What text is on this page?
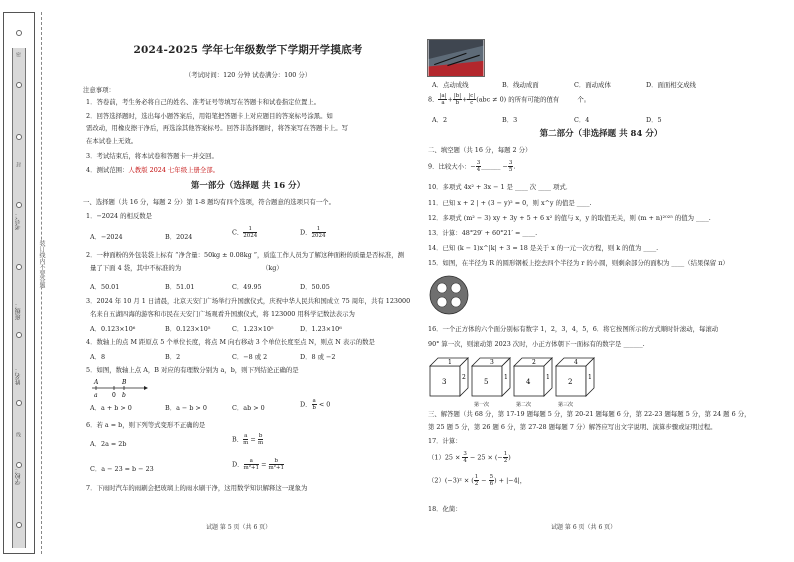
学校：
姓名：
班级：
考号：
密
封
线
装订线内不要答题
2024-2025 学年七年级数学下学期开学摸底考
（考试时间：120 分钟 试卷满分：100 分）
注意事项：
1．答卷前，考生务必将自己的姓名、准考证号等填写在答题卡和试卷指定位置上。
2．回答选择题时，选出每小题答案后，用铅笔把答题卡上对应题目的答案标号涂黑。如
需改动，用橡皮擦干净后，再选涂其他答案标号。回答非选择题时，将答案写在答题卡上。写
在本试卷上无效。
3．考试结束后，将本试卷和答题卡一并交回。
4．测试范围：人教版 2024 七年级上册全部。
第一部分（选择题 共 16 分）
一、选择题（共 16 分，每题 2 分）第 1-8 题均有四个选项，符合题意的选项只有一个。
1．−2024 的相反数是
A．−2024	B．2024
C． $\frac{1}{2024}$	D． $\frac{1}{2024}$
2．一种面粉的外包装袋上标有 “净含量：50kg ± 0.08kg ”，质监工作人员为了解这种面粉的质量是否标准，测
量了下面 4 袋，其中不标准的为	（kg）
A．50.01	B．51.01	C．49.95	D．50.05
3．2024 年 10 月 1 日清晨，北京天安门广场举行升国旗仪式，庆祝中华人民共和国成立 75 周年，共有 123000
名来自五湖四海的游客和市民在天安门广场观看升国旗仪式，将 123000 用科学记数法表示为
A．0.123×10⁶	B．0.123×10⁵	C．1.23×10⁵	D．1.23×10⁶
4．数轴上的点 M 距原点 5 个单位长度，将点 M 向右移动 3 个单位长度至点 N，则点 N 表示的数是
A．8	B．2	C．−8 或 2	D．8 或 −2
5．如图，数轴上点 A，B 对应的有理数分别为 a，b，则下列结论正确的是
A	B
a 0 b
A．a + b > 0	B．a − b > 0	C．ab > 0	D． $\frac{a}{b} < 0$
6．若 a = b，则下列等式变形不正确的是
A．2a = 2b
B． $\frac{a}{m} = \frac{b}{m}$
C．a − 23 = b − 23
D． $\frac{a}{\text{m²+1}} = \frac{b}{\text{m²+1}}$
7．下雨时汽车的雨刷会把玻璃上的雨水刷干净，这用数学知识解释这一现象为
试题 第 5 页（共 6 页）
A．点动成线	B．线动成面	C．面动成体	D．面面相交成线
8． $\frac{|a|}{a} + \frac{|b|}{b} + \frac{|c|}{c} (abc \ne 0)$ 的所有可能的值有	个。
A．2	B．3	C．4	D．5
第二部分（非选择题 共 84 分）
二、填空题（共 16 分，每题 2 分）
9．比较大小：− $\frac{3}{4}$ ______ − $\frac{3}{5}$ .
10．多项式 4x² + 3x − 1 是 ____ 次 ____ 项式．
11．已知 x + 2 | + (3 − y)² = 0，则 x^y 的值是 ____.
12．多项式 (m² − 3) xy + 3y + 5 + 6 x² 的值与 x，y 的取值无关，则 (m + n)²⁰²⁵ 的值为 ____.
13．计算：48°29′ + 60°21′ = ____.
14．已知 (k − 1)x^|k| + 3 = 18 是关于 x 的一元一次方程，则 k 的值为 ____.
15．如图，在半径为 R 的圆形钢板上挖去四个半径为 r 的小圆，则剩余部分的面积为 ____（结果保留 π）
16．一个正方体的六个面分别标有数字 1，2，3，4，5，6．将它按图所示的方式顺时针滚动，每滚动
90° 算一次，则滚动第 2023 次时，小正方体朝下一面标有的数字是 ______.
3
1
2
5
3
1
4
2
1
2
4
1
第一次	第二次	第三次
三、解答题（共 68 分，第 17-19 题每题 5 分，第 20-21 题每题 6 分，第 22-23 题每题 5 分，第 24 题 6 分，
第 25 题 5 分，第 26 题 6 分，第 27-28 题每题 7 分）解答应写出文字说明、演算步骤或证明过程。
17．计算：
$(1)25 \times \frac{3}{4} - 25$ × (− $\frac{1}{2}$ )
（2）(−3)² × ( $\frac{1}{2} - \frac{5}{6}$ ) + |−4|，
18．化简：
试题 第 6 页（共 6 页）
